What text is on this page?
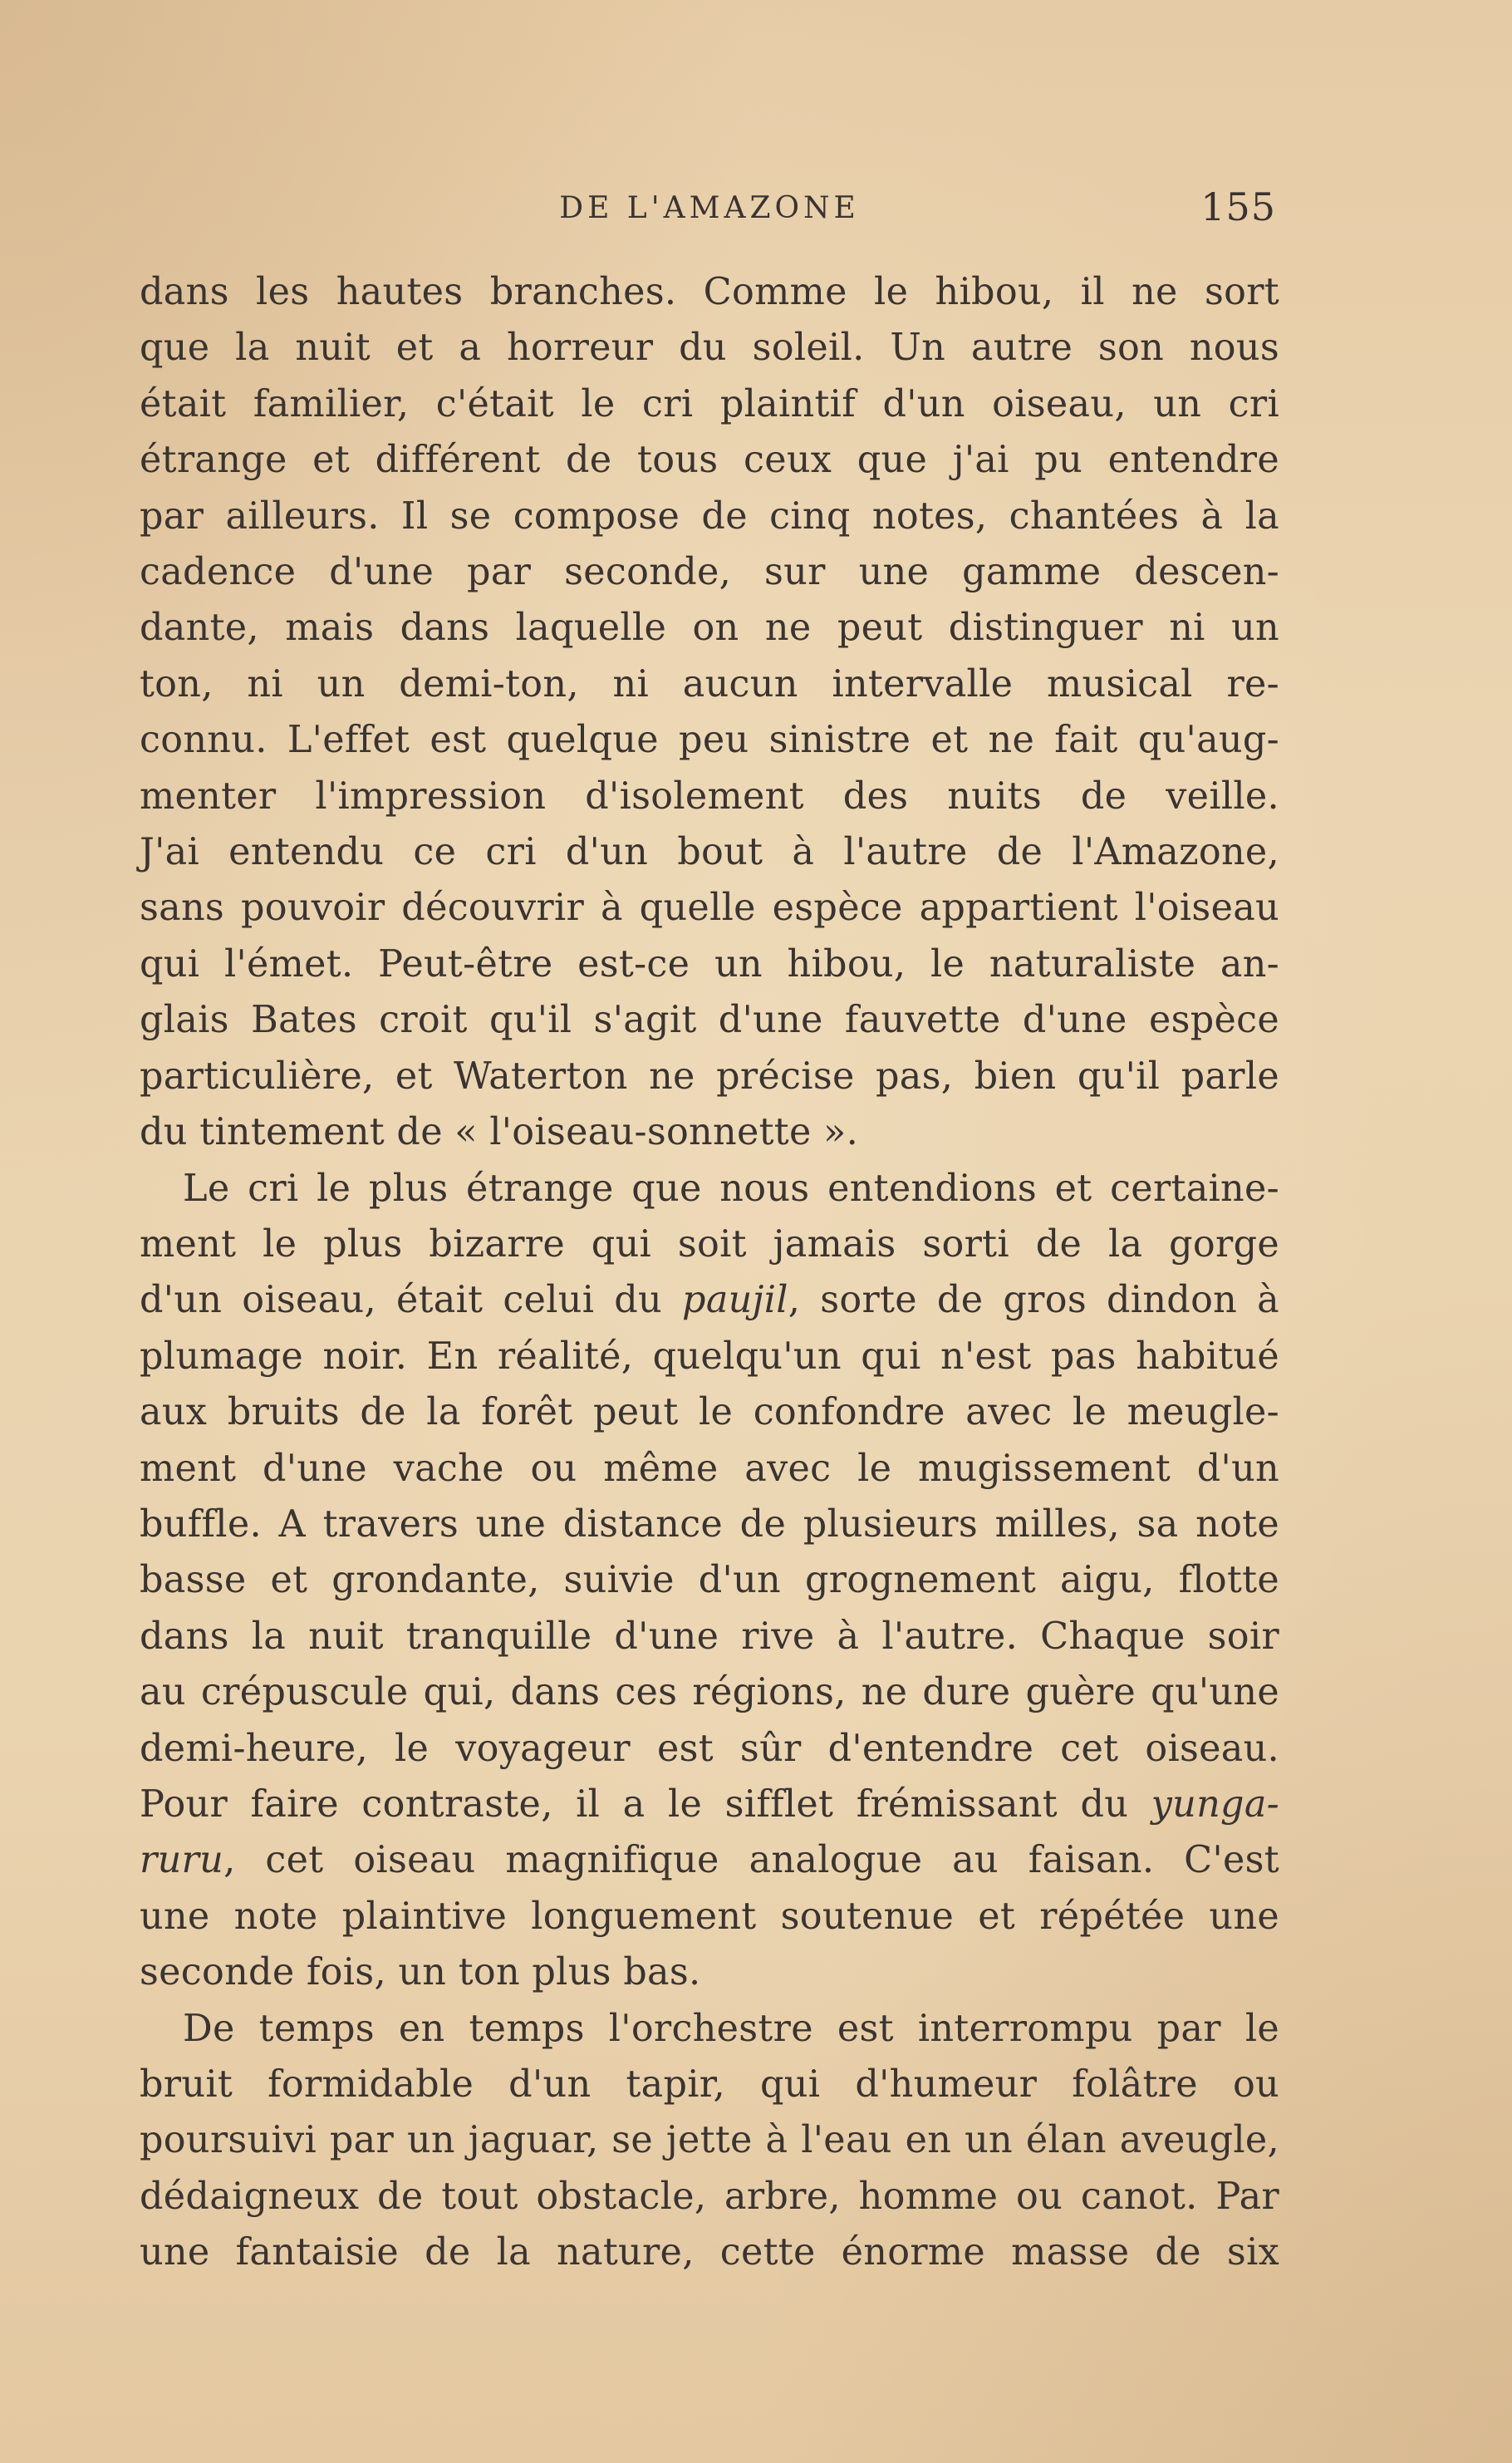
DE L'AMAZONE	155

dans les hautes branches. Comme le hibou, il ne sort
que la nuit et a horreur du soleil. Un autre son nous
était familier, c'était le cri plaintif d'un oiseau, un cri
étrange et différent de tous ceux que j'ai pu entendre
par ailleurs. Il se compose de cinq notes, chantées à la
cadence d'une par seconde, sur une gamme descen-
dante, mais dans laquelle on ne peut distinguer ni un
ton, ni un demi-ton, ni aucun intervalle musical re-
connu. L'effet est quelque peu sinistre et ne fait qu'aug-
menter l'impression d'isolement des nuits de veille.
J'ai entendu ce cri d'un bout à l'autre de l'Amazone,
sans pouvoir découvrir à quelle espèce appartient l'oiseau
qui l'émet. Peut-être est-ce un hibou, le naturaliste an-
glais Bates croit qu'il s'agit d'une fauvette d'une espèce
particulière, et Waterton ne précise pas, bien qu'il parle
du tintement de « l'oiseau-sonnette ».

Le cri le plus étrange que nous entendions et certaine-
ment le plus bizarre qui soit jamais sorti de la gorge
d'un oiseau, était celui du paujil, sorte de gros dindon à
plumage noir. En réalité, quelqu'un qui n'est pas habitué
aux bruits de la forêt peut le confondre avec le meugle-
ment d'une vache ou même avec le mugissement d'un
buffle. A travers une distance de plusieurs milles, sa note
basse et grondante, suivie d'un grognement aigu, flotte
dans la nuit tranquille d'une rive à l'autre. Chaque soir
au crépuscule qui, dans ces régions, ne dure guère qu'une
demi-heure, le voyageur est sûr d'entendre cet oiseau.
Pour faire contraste, il a le sifflet frémissant du yunga-
ruru, cet oiseau magnifique analogue au faisan. C'est
une note plaintive longuement soutenue et répétée une
seconde fois, un ton plus bas.

De temps en temps l'orchestre est interrompu par le
bruit formidable d'un tapir, qui d'humeur folâtre ou
poursuivi par un jaguar, se jette à l'eau en un élan aveugle,
dédaigneux de tout obstacle, arbre, homme ou canot. Par
une fantaisie de la nature, cette énorme masse de six
